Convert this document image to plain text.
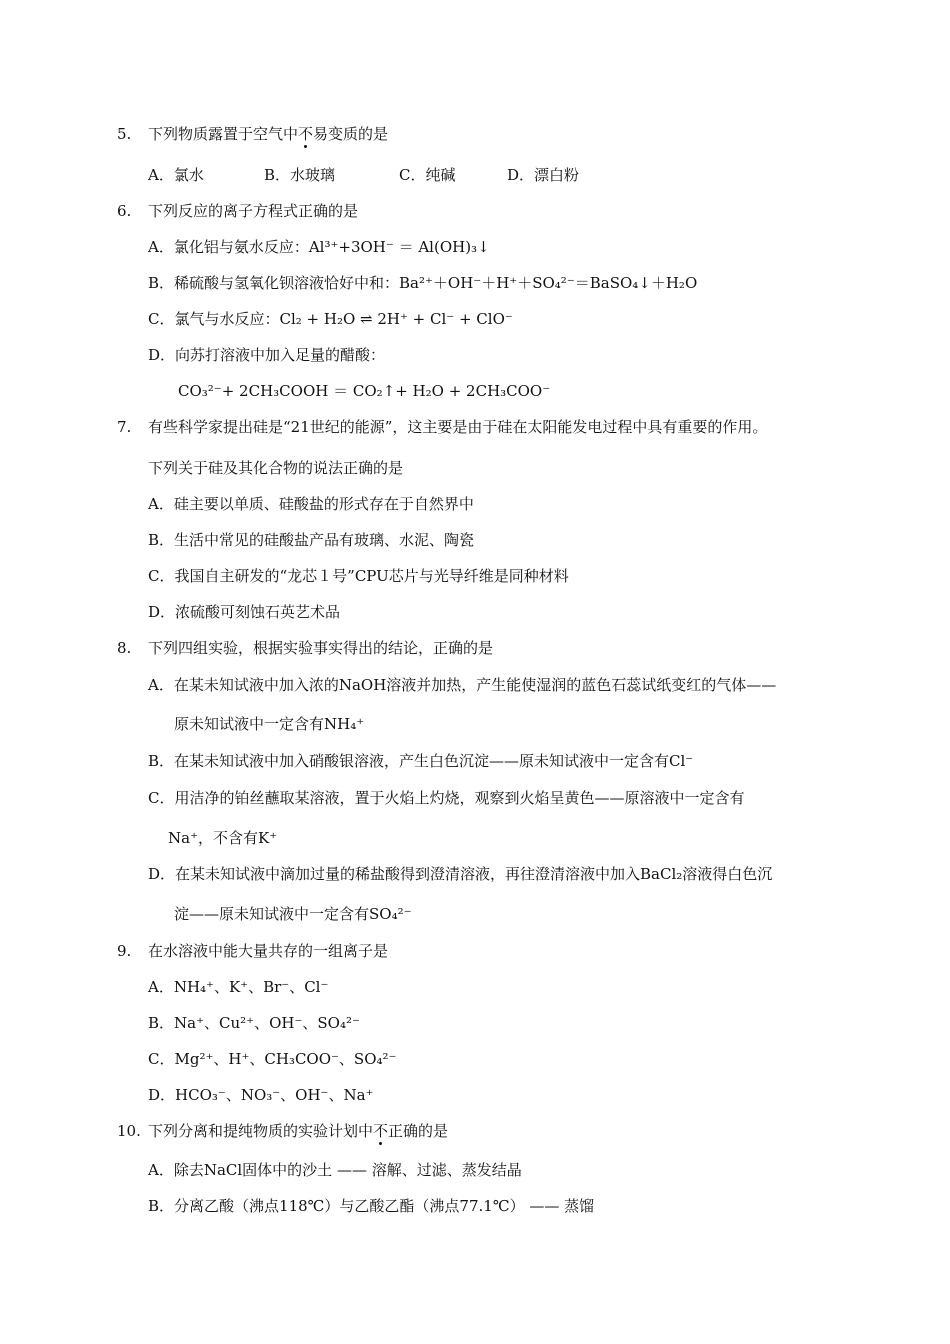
5. 下列物质露置于空气中不易变质的是
A．氯水	B．水玻璃	C．纯碱	D．漂白粉
6. 下列反应的离子方程式正确的是
A．氯化铝与氨水反应：Al³⁺+3OH⁻ ＝ Al(OH)₃↓
B．稀硫酸与氢氧化钡溶液恰好中和：Ba²⁺＋OH⁻＋H⁺＋SO₄²⁻＝BaSO₄↓＋H₂O
C．氯气与水反应：Cl₂ + H₂O ⇌ 2H⁺ + Cl⁻ + ClO⁻
D．向苏打溶液中加入足量的醋酸：
CO₃²⁻+ 2CH₃COOH ＝ CO₂↑+ H₂O + 2CH₃COO⁻
7. 有些科学家提出硅是“21世纪的能源”，这主要是由于硅在太阳能发电过程中具有重要的作用。
下列关于硅及其化合物的说法正确的是
A．硅主要以单质、硅酸盐的形式存在于自然界中
B．生活中常见的硅酸盐产品有玻璃、水泥、陶瓷
C．我国自主研发的“龙芯１号”CPU芯片与光导纤维是同种材料
D．浓硫酸可刻蚀石英艺术品
8. 下列四组实验，根据实验事实得出的结论，正确的是
A．在某未知试液中加入浓的NaOH溶液并加热，产生能使湿润的蓝色石蕊试纸变红的气体——
原未知试液中一定含有NH₄⁺
B．在某未知试液中加入硝酸银溶液，产生白色沉淀——原未知试液中一定含有Cl⁻
C．用洁净的铂丝蘸取某溶液，置于火焰上灼烧，观察到火焰呈黄色——原溶液中一定含有
Na⁺，不含有K⁺
D．在某未知试液中滴加过量的稀盐酸得到澄清溶液，再往澄清溶液中加入BaCl₂溶液得白色沉
淀——原未知试液中一定含有SO₄²⁻
9. 在水溶液中能大量共存的一组离子是
A．NH₄⁺、K⁺、Br⁻、Cl⁻
B．Na⁺、Cu²⁺、OH⁻、SO₄²⁻
C．Mg²⁺、H⁺、CH₃COO⁻、SO₄²⁻
D．HCO₃⁻、NO₃⁻、OH⁻、Na⁺
10. 下列分离和提纯物质的实验计划中不正确的是
A．除去NaCl固体中的沙土 —— 溶解、过滤、蒸发结晶
B．分离乙酸（沸点118℃）与乙酸乙酯（沸点77.1℃） —— 蒸馏
